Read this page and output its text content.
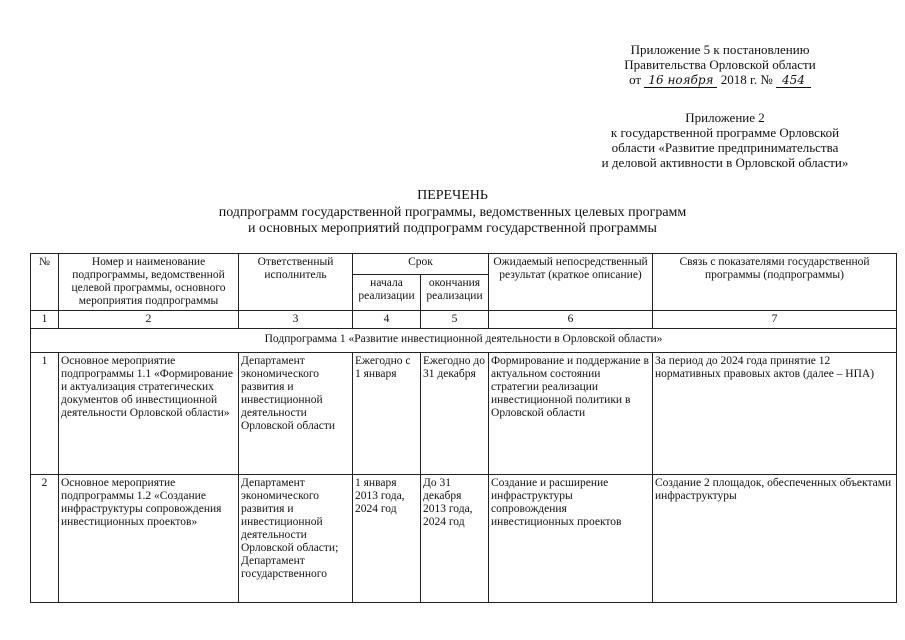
Приложение 5 к постановлению
Правительства Орловской области
от 16 ноября 2018 г. № 454
Приложение 2
к государственной программе Орловской
области «Развитие предпринимательства
и деловой активности в Орловской области»
ПЕРЕЧЕНЬ
подпрограмм государственной программы, ведомственных целевых программ
и основных мероприятий подпрограмм государственной программы
№	Номер и наименование подпрограммы, ведомственной целевой программы, основного мероприятия подпрограммы	Ответственный исполнитель	Срок		Ожидаемый непосредственный результат (краткое описание)	Связь с показателями государственной программы (подпрограммы)
			начала реализации	окончания реализации		
1	2	3	4	5	6	7
Подпрограмма 1 «Развитие инвестиционной деятельности в Орловской области»						
1	Основное мероприятие подпрограммы 1.1 «Формирование и актуализация стратегических документов об инвестиционной деятельности Орловской области»	Департамент экономического развития и инвестиционной деятельности Орловской области	Ежегодно с 1 января	Ежегодно до 31 декабря	Формирование и поддержание в актуальном состоянии стратегии реализации инвестиционной политики в Орловской области	За период до 2024 года принятие 12 нормативных правовых актов (далее – НПА)
2	Основное мероприятие подпрограммы 1.2 «Создание инфраструктуры сопровождения инвестиционных проектов»	Департамент экономического развития и инвестиционной деятельности Орловской области; Департамент государственного	1 января 2013 года, 2024 год	До 31 декабря 2013 года, 2024 год	Создание и расширение инфраструктуры сопровождения инвестиционных проектов	Создание 2 площадок, обеспеченных объектами инфраструктуры
